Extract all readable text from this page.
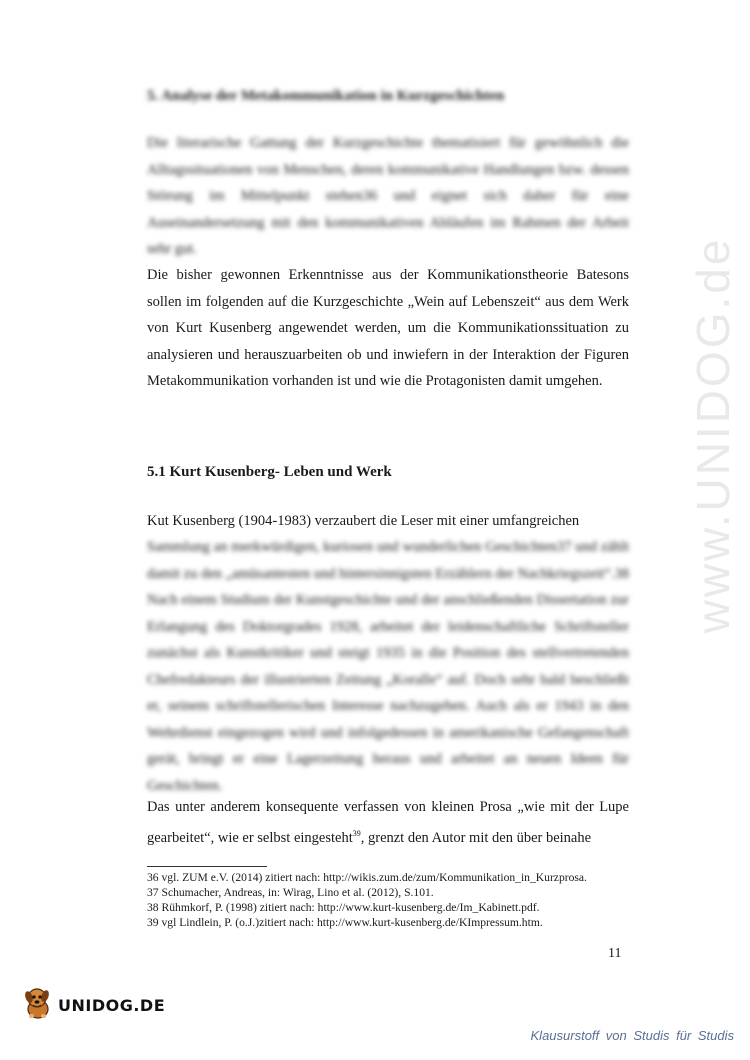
5. Analyse der Metakommunikation in Kurzgeschichten
Die literarische Gattung der Kurzgeschichte thematisiert für gewöhnlich die Alltagssituationen von Menschen, deren kommunikative Handlungen bzw. dessen Störung im Mittelpunkt stehen36 und eignet sich daher für eine Auseinandersetzung mit den kommunikativen Abläufen im Rahmen der Arbeit sehr gut.
Die bisher gewonnen Erkenntnisse aus der Kommunikationstheorie Batesons sollen im folgenden auf die Kurzgeschichte „Wein auf Lebenszeit“ aus dem Werk von Kurt Kusenberg angewendet werden, um die Kommunikationssituation zu analysieren und herauszuarbeiten ob und inwiefern in der Interaktion der Figuren Metakommunikation vorhanden ist und wie die Protagonisten damit umgehen.
5.1 Kurt Kusenberg- Leben und Werk
Kut Kusenberg (1904-1983) verzaubert die Leser mit einer umfangreichen
Sammlung an merkwürdigen, kuriosen und wunderlichen Geschichten37 und zählt damit zu den „amüsantesten und hintersinnigsten Erzählern der Nachkriegszeit“.38 Nach einem Studium der Kunstgeschichte und der anschließenden Dissertation zur Erlangung des Doktorgrades 1928, arbeitet der leidenschaftliche Schriftsteller zunächst als Kunstkritiker und steigt 1935 in die Position des stellvertretenden Chefredakteurs der illustrierten Zeitung „Koralle“ auf. Doch sehr bald beschließt er, seinem schriftstellerischen Interesse nachzugehen. Auch als er 1943 in den Wehrdienst eingezogen wird und infolgedessen in amerikanische Gefangenschaft gerät, bringt er eine Lagerzeitung heraus und arbeitet an neuen Ideen für Geschichten.
Das unter anderem konsequente verfassen von kleinen Prosa „wie mit der Lupe gearbeitet“, wie er selbst eingesteht$^{39}$, grenzt den Autor mit den über beinahe
36 vgl. ZUM e.V. (2014) zitiert nach: http://wikis.zum.de/zum/Kommunikation_in_Kurzprosa.
37 Schumacher, Andreas, in: Wirag, Lino et al. (2012), S.101.
38 Rühmkorf, P. (1998) zitiert nach: http://www.kurt-kusenberg.de/Im_Kabinett.pdf.
39 vgl Lindlein, P. (o.J.)zitiert nach: http://www.kurt-kusenberg.de/KImpressum.htm.
11
www.UNIDOG.de
UNIDOG.DE
Klausurstoff von Studis für Studis
